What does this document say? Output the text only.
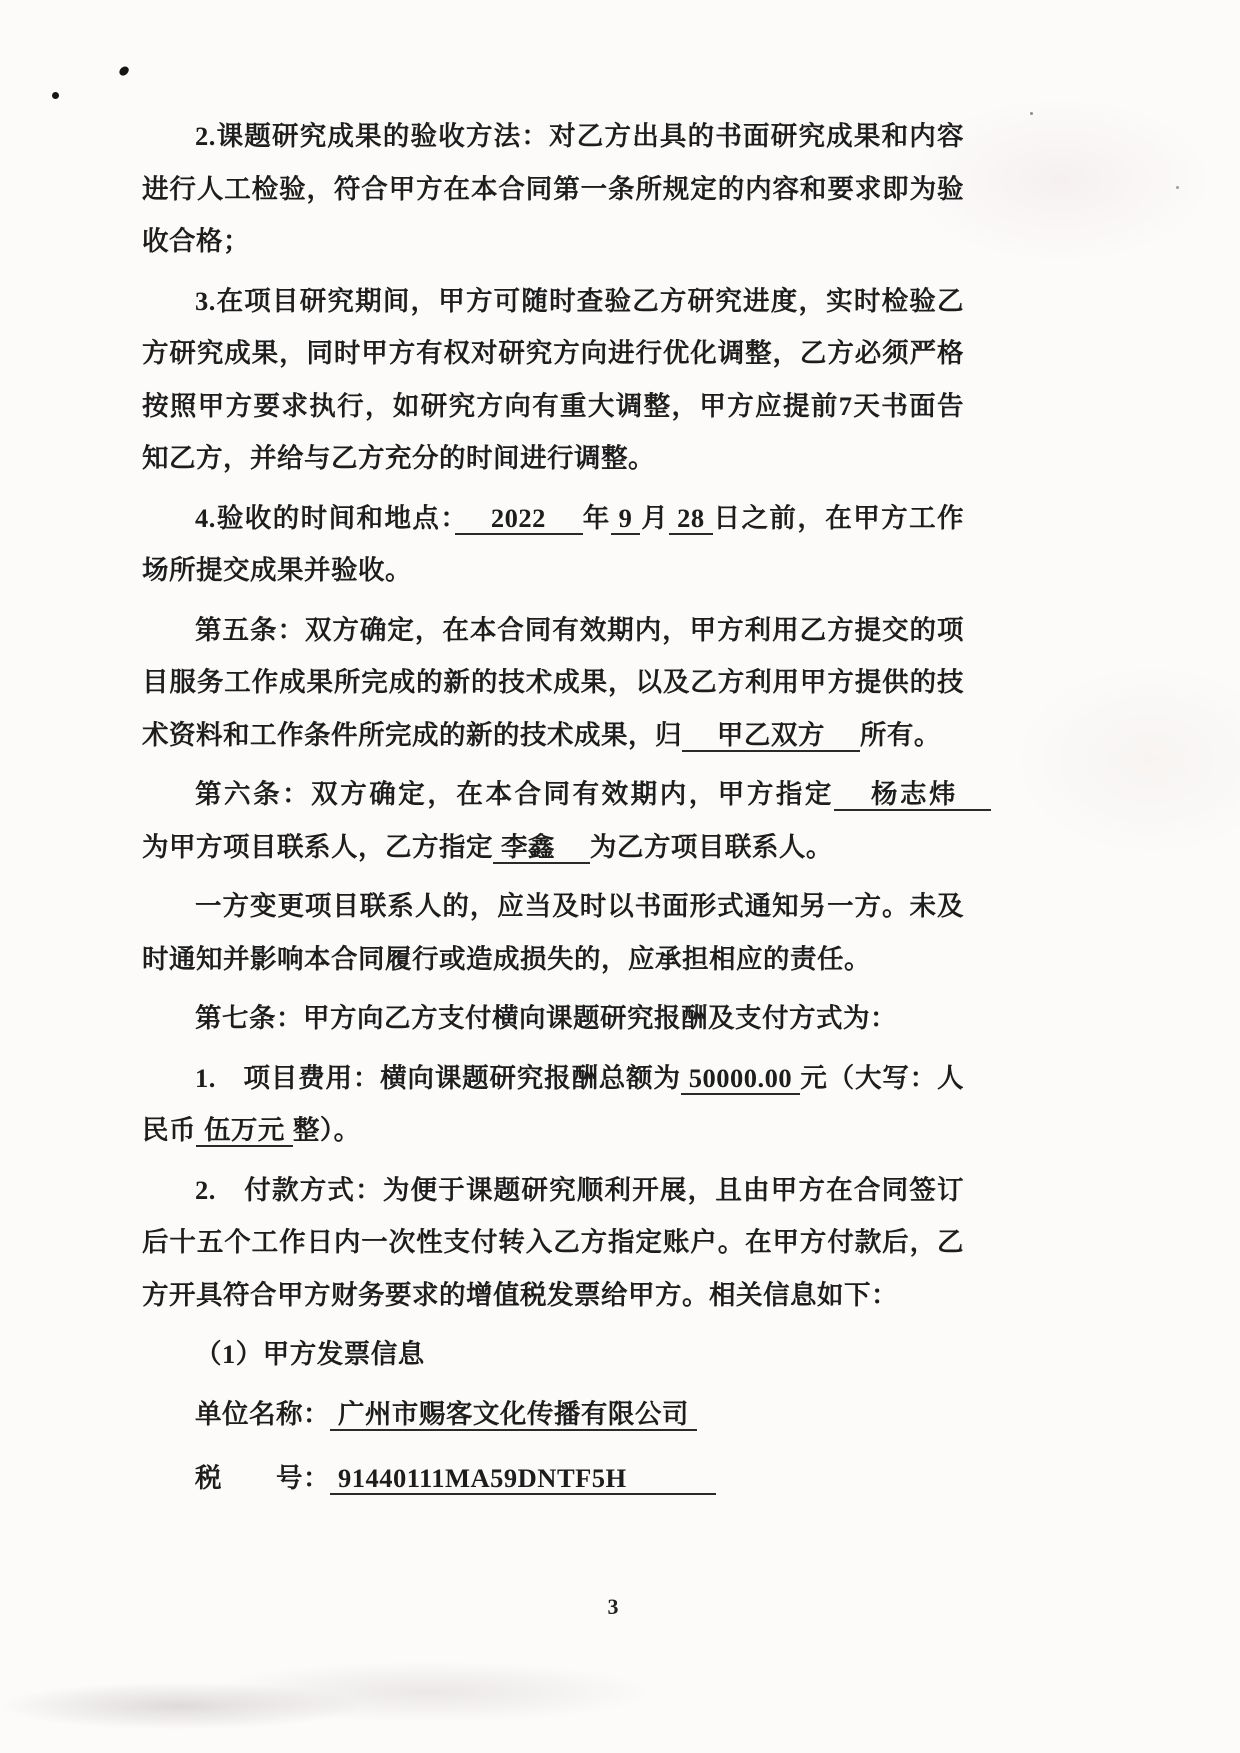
2.课题研究成果的验收方法：对乙方出具的书面研究成果和内容进行人工检验，符合甲方在本合同第一条所规定的内容和要求即为验收合格；

3.在项目研究期间，甲方可随时查验乙方研究进度，实时检验乙方研究成果，同时甲方有权对研究方向进行优化调整，乙方必须严格按照甲方要求执行，如研究方向有重大调整，甲方应提前7天书面告知乙方，并给与乙方充分的时间进行调整。

4.验收的时间和地点：　2022　年 9 月 28 日之前，在甲方工作场所提交成果并验收。

第五条：双方确定，在本合同有效期内，甲方利用乙方提交的项目服务工作成果所完成的新的技术成果，以及乙方利用甲方提供的技术资料和工作条件所完成的新的技术成果，归　甲乙双方　所有。

第六条：双方确定，在本合同有效期内，甲方指定　杨志炜　为甲方项目联系人，乙方指定 李鑫　为乙方项目联系人。

一方变更项目联系人的，应当及时以书面形式通知另一方。未及时通知并影响本合同履行或造成损失的，应承担相应的责任。

第七条：甲方向乙方支付横向课题研究报酬及支付方式为：

1.　项目费用：横向课题研究报酬总额为 50000.00 元（大写：人民币 伍万元 整）。

2.　付款方式：为便于课题研究顺利开展，且由甲方在合同签订后十五个工作日内一次性支付转入乙方指定账户。在甲方付款后，乙方开具符合甲方财务要求的增值税发票给甲方。相关信息如下：

（1）甲方发票信息

单位名称： 广州市赐客文化传播有限公司

税　　号： 91440111MA59DNTF5H　　　

3
